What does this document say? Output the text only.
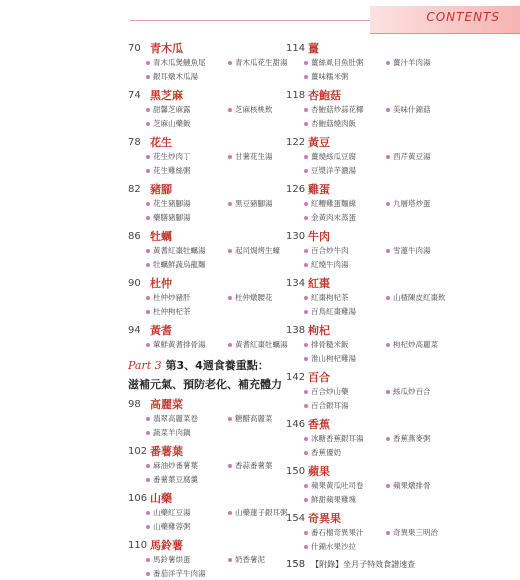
CONTENTS
70 青木瓜
青木瓜煲鰱魚尾	青木瓜花生甜湯
銀耳燉木瓜湯
74 黑芝麻
甜馨芝麻露	芝麻核桃飲
芝麻山藥飯
78 花生
花生炒肉丁	甘薯花生湯
花生雞絲粥
82 豬腳
花生豬腳湯	黑豆豬腳湯
藥膳豬腳湯
86 牡蠣
黃耆紅棗牡蠣湯	起司焗烤生蠔
牡蠣鮮蔬烏龍麵
90 杜仲
杜仲炒豬肝	杜仲燉腰花
杜仲枸杞茶
94 黃耆
葷鮮黃耆排骨湯	黃耆紅棗牡蠣湯
Part 3 第3、4週食養重點：
滋補元氣、預防老化、補充體力
98 高麗菜
翡翠高麗菜卷	糖醋高麗菜
蔬菜羊肉鍋
102 番薯葉
麻油炒番薯葉	香蒜番薯葉
番薯葉豆腐羹
106 山藥
山藥紅豆湯	山藥蓮子銀耳粥
山藥雞蓉粥
110 馬鈴薯
馬鈴薯烘蛋	奶香薯泥
番茄洋芋牛肉湯
114 薑
薑絲虱目魚肚粥	薑汁羊肉湯
薑味糯米粥
118 杏鮑菇
杏鮑菇炒蒜花椰	美味什錦菇
杏鮑菇燒肉飯
122 黃豆
薑燒絲瓜豆腐	西芹黃豆湯
豆漿洋芋濃湯
126 雞蛋
紅糟雞蛋麵線	九層塔炒蛋
金黃肉末蒸蛋
130 牛肉
百合炒牛肉	雪蓮牛肉湯
紅燒牛肉湯
134 紅棗
紅棗枸杞茶	山楂陳皮紅棗飲
百鳥紅棗雞湯
138 枸杞
排骨糙米飯	枸杞炒高麗菜
淮山枸杞雞湯
142 百合
百合炒山藥	絲瓜炒百合
百合銀耳湯
146 香蕉
冰糖香蕉銀耳湯	香蕉燕麥粥
香蕉優奶
150 蘋果
蘋果黃瓜吐司卷	蘋果燉排骨
鮮甜蘋果雞塊
154 奇異果
番石榴奇異果汁	奇異果三明治
什錦水果沙拉
158 【附錄】坐月子特效食譜速查
